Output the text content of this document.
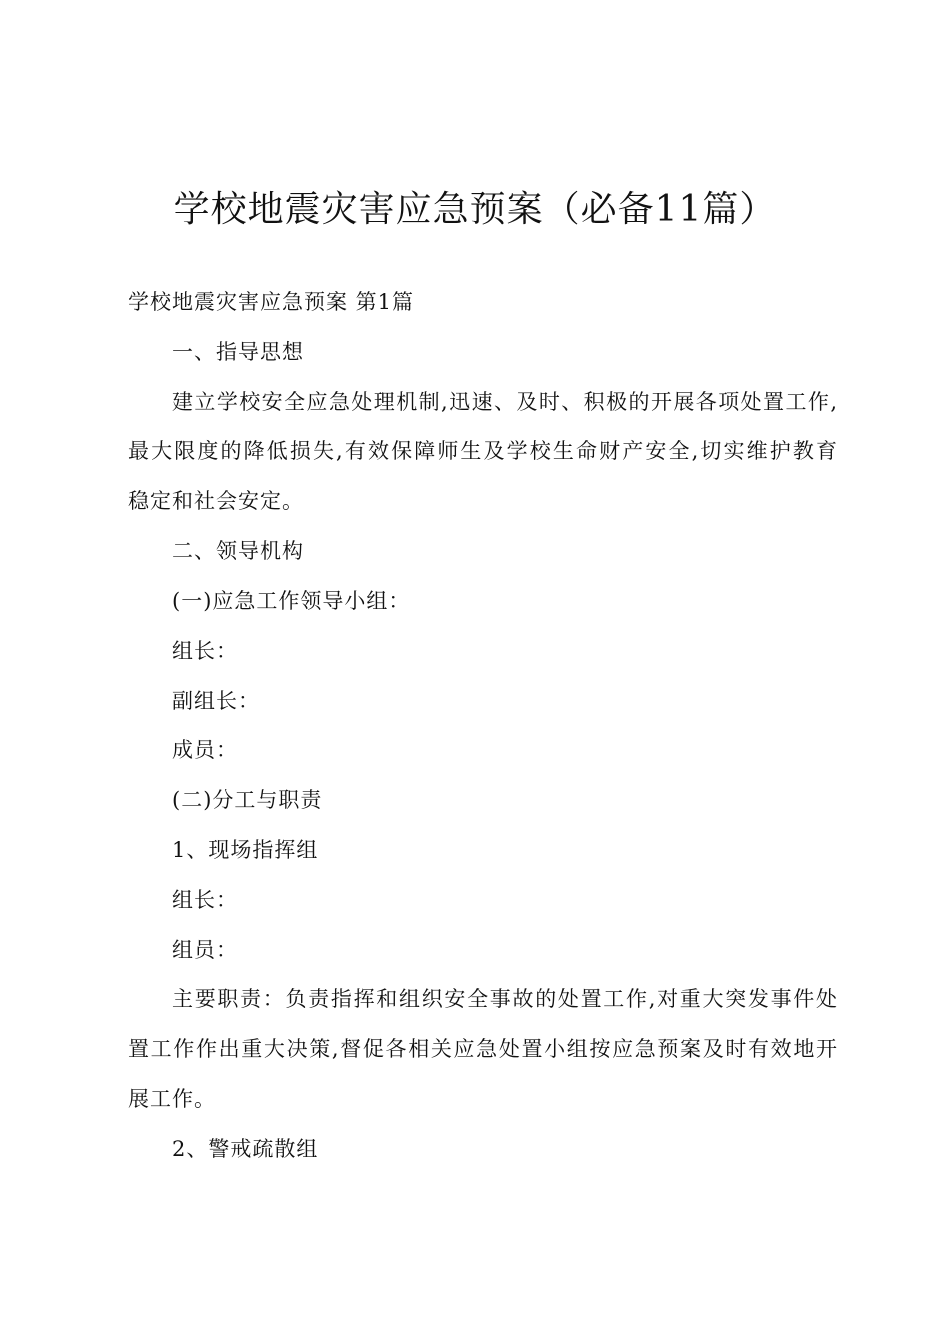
学校地震灾害应急预案（必备11篇）
学校地震灾害应急预案 第1篇
一、指导思想
建立学校安全应急处理机制,迅速、及时、积极的开展各项处置工作,
最大限度的降低损失,有效保障师生及学校生命财产安全,切实维护教育
稳定和社会安定。
二、领导机构
(一)应急工作领导小组：
组长：
副组长：
成员：
(二)分工与职责
1、现场指挥组
组长：
组员：
主要职责：负责指挥和组织安全事故的处置工作,对重大突发事件处
置工作作出重大决策,督促各相关应急处置小组按应急预案及时有效地开
展工作。
2、警戒疏散组
